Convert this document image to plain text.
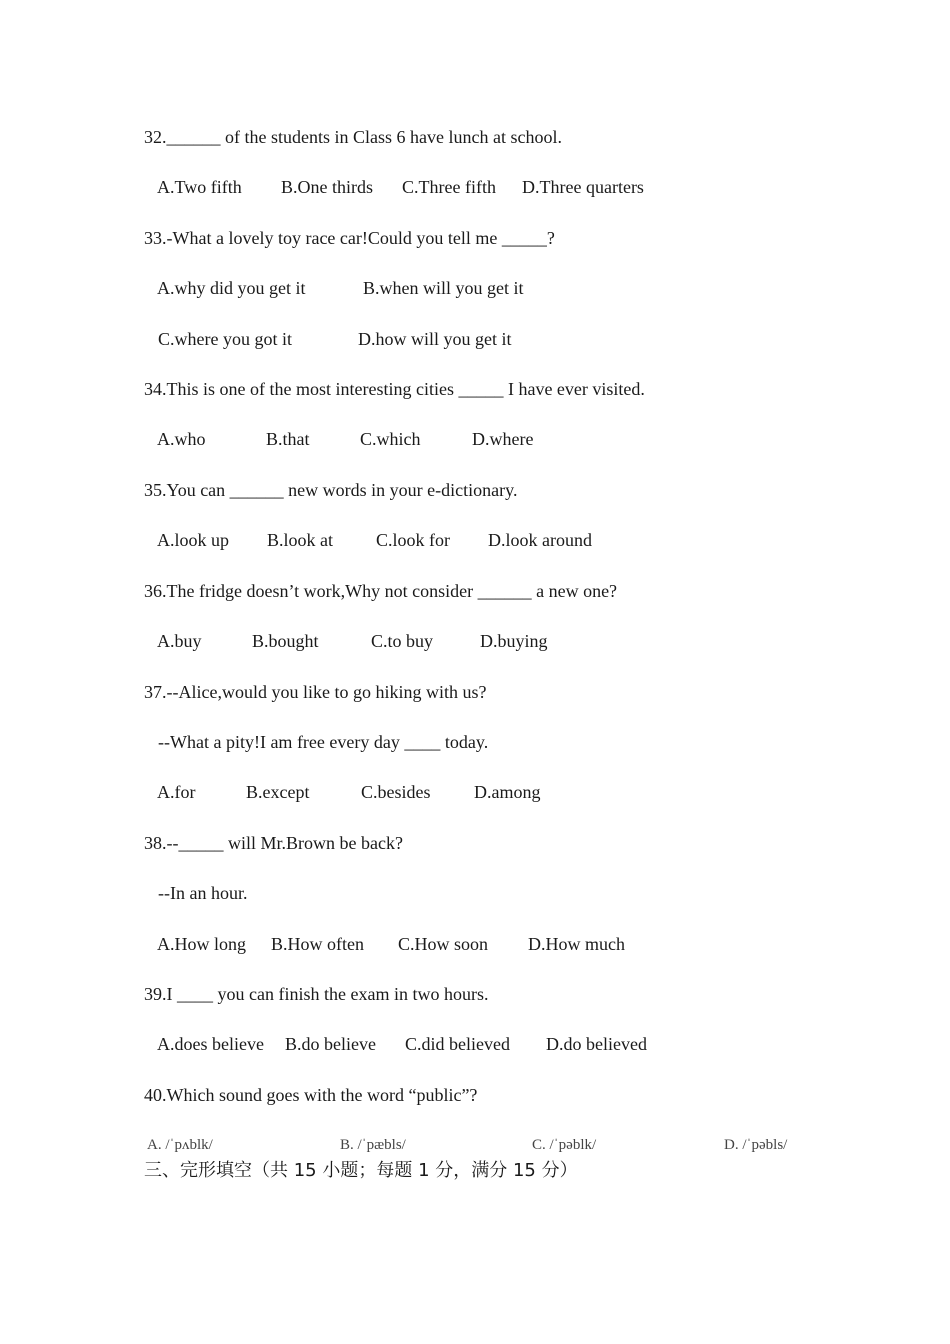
32.______ of the students in Class 6 have lunch at school.
A.Two fifth B.One thirds C.Three fifth D.Three quarters
33.-What a lovely toy race car!Could you tell me _____?
A.why did you get it	B.when will you get it
C.where you got it	D.how will you get it
34.This is one of the most interesting cities _____ I have ever visited.
A.who	B.that	C.which	D.where
35.You can ______ new words in your e-dictionary.
A.look up B.look at C.look for D.look around
36.The fridge doesn’t work,Why not consider ______ a new one?
A.buy	B.bought	C.to buy	D.buying
37.--Alice,would you like to go hiking with us?
--What a pity!I am free every day ____ today.
A.for	B.except	C.besides D.among
38.--_____ will Mr.Brown be back?
--In an hour.
A.How long B.How often C.How soon D.How much
39.I ____ you can finish the exam in two hours.
A.does believe B.do believe C.did believed D.do believed
40.Which sound goes with the word “public”?
A. /ˈpʌblk/	B. /ˈpæbls/	C. /ˈpəblk/	D. /ˈpəbls/
三、完形填空（共 15 小题；每题 1 分，满分 15 分）
